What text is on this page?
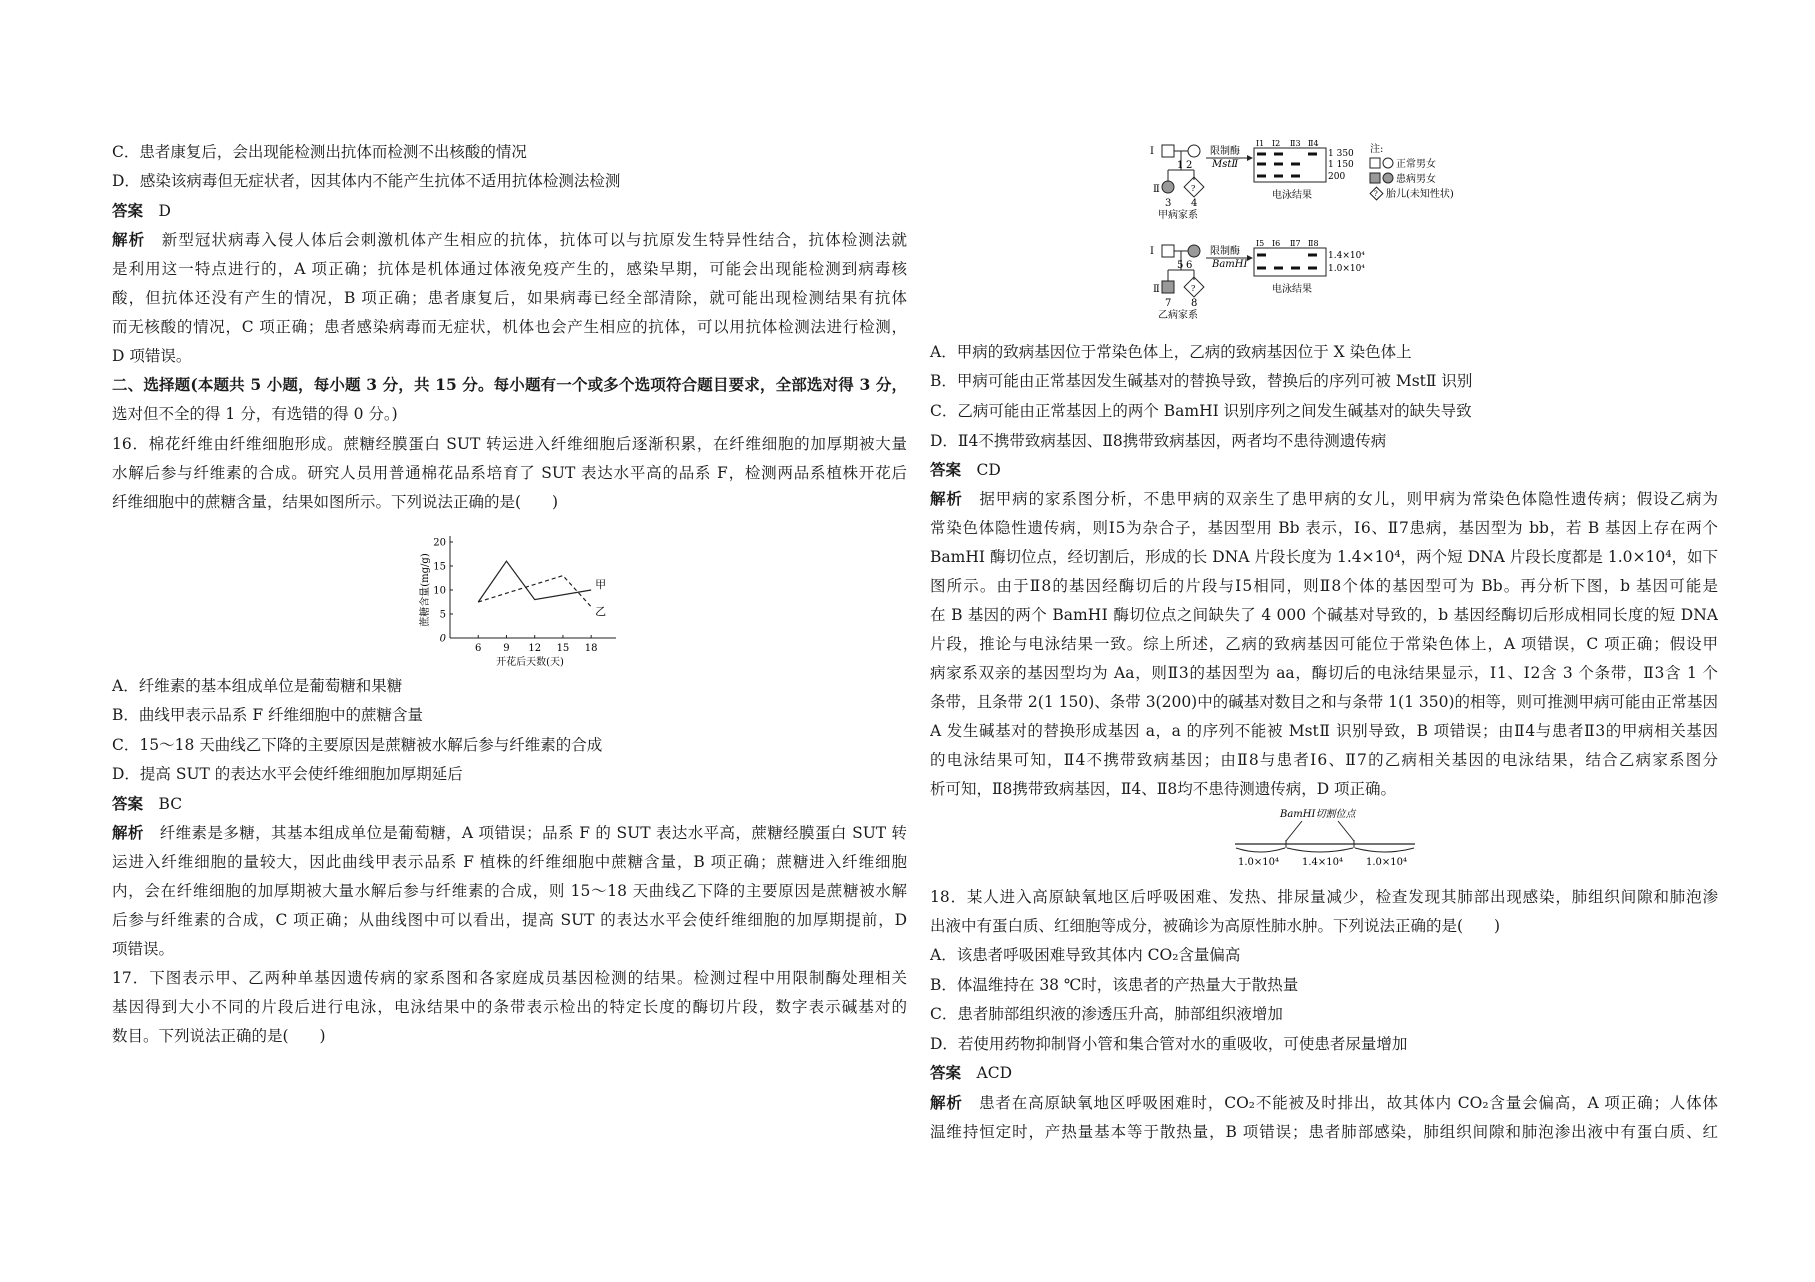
C．患者康复后，会出现能检测出抗体而检测不出核酸的情况
D．感染该病毒但无症状者，因其体内不能产生抗体不适用抗体检测法检测
答案　 D
解析　 新型冠状病毒入侵人体后会刺激机体产生相应的抗体，抗体可以与抗原发生特异性结合，抗体检测法就
是利用这一特点进行的，A 项正确；抗体是机体通过体液免疫产生的，感染早期，可能会出现能检测到病毒核
酸，但抗体还没有产生的情况，B 项正确；患者康复后，如果病毒已经全部清除，就可能出现检测结果有抗体
而无核酸的情况，C 项正确；患者感染病毒而无症状，机体也会产生相应的抗体，可以用抗体检测法进行检测，
D 项错误。
二、选择题(本题共 5 小题，每小题 3 分，共 15 分。每小题有一个或多个选项符合题目要求，全部选对得 3 分，
选对但不全的得 1 分，有选错的得 0 分。)
16．棉花纤维由纤维细胞形成。蔗糖经膜蛋白 SUT 转运进入纤维细胞后逐渐积累，在纤维细胞的加厚期被大量
水解后参与纤维素的合成。研究人员用普通棉花品系培育了 SUT 表达水平高的品系 F，检测两品系植株开花后
纤维细胞中的蔗糖含量，结果如图所示。下列说法正确的是(　　)
0
5
10
15
20
6 9 12 15 18
开花后天数(天)
蔗糖含量(mg/g)	甲
乙
A．纤维素的基本组成单位是葡萄糖和果糖
B．曲线甲表示品系 F 纤维细胞中的蔗糖含量
C．15～18 天曲线乙下降的主要原因是蔗糖被水解后参与纤维素的合成
D．提高 SUT 的表达水平会使纤维细胞加厚期延后
答案　 BC
解析　 纤维素是多糖，其基本组成单位是葡萄糖，A 项错误；品系 F 的 SUT 表达水平高，蔗糖经膜蛋白 SUT 转
运进入纤维细胞的量较大，因此曲线甲表示品系 F 植株的纤维细胞中蔗糖含量，B 项正确；蔗糖进入纤维细胞
内，会在纤维细胞的加厚期被大量水解后参与纤维素的合成，则 15～18 天曲线乙下降的主要原因是蔗糖被水解
后参与纤维素的合成，C 项正确；从曲线图中可以看出，提高 SUT 的表达水平会使纤维细胞的加厚期提前，D
项错误。
17．下图表示甲、乙两种单基因遗传病的家系图和各家庭成员基因检测的结果。检测过程中用限制酶处理相关
基因得到大小不同的片段后进行电泳，电泳结果中的条带表示检出的特定长度的酶切片段，数字表示碱基对的
数目。下列说法正确的是(　　)
Ⅰ
Ⅱ
1 2
?
3 4
甲病家系
限制酶
MstⅡ
Ⅰ1 Ⅰ2 Ⅱ3 Ⅱ4
1 350
1 150
200
电泳结果
注:
正常男女
患病男女
? 胎儿(未知性状)
Ⅰ
Ⅱ
5 6
?
7 8
乙病家系
限制酶
BamHⅠ
Ⅰ5 Ⅰ6 Ⅱ7 Ⅱ8
1.4×10⁴
1.0×10⁴
电泳结果
A．甲病的致病基因位于常染色体上，乙病的致病基因位于 X 染色体上
B．甲病可能由正常基因发生碱基对的替换导致，替换后的序列可被 MstⅡ 识别
C．乙病可能由正常基因上的两个 BamHⅠ 识别序列之间发生碱基对的缺失导致
D．Ⅱ4不携带致病基因、Ⅱ8携带致病基因，两者均不患待测遗传病
答案　 CD
解析　 据甲病的家系图分析，不患甲病的双亲生了患甲病的女儿，则甲病为常染色体隐性遗传病；假设乙病为
常染色体隐性遗传病，则Ⅰ5为杂合子，基因型用 Bb 表示，Ⅰ6、Ⅱ7患病，基因型为 bb，若 B 基因上存在两个
BamHⅠ 酶切位点，经切割后，形成的长 DNA 片段长度为 1.4×10⁴，两个短 DNA 片段长度都是 1.0×10⁴，如下
图所示。由于Ⅱ8的基因经酶切后的片段与Ⅰ5相同，则Ⅱ8个体的基因型可为 Bb。再分析下图，b 基因可能是
在 B 基因的两个 BamHⅠ 酶切位点之间缺失了 4 000 个碱基对导致的，b 基因经酶切后形成相同长度的短 DNA
片段，推论与电泳结果一致。综上所述，乙病的致病基因可能位于常染色体上，A 项错误，C 项正确；假设甲
病家系双亲的基因型均为 Aa，则Ⅱ3的基因型为 aa，酶切后的电泳结果显示，Ⅰ1、Ⅰ2含 3 个条带，Ⅱ3含 1 个
条带，且条带 2(1 150)、条带 3(200)中的碱基对数目之和与条带 1(1 350)的相等，则可推测甲病可能由正常基因
A 发生碱基对的替换形成基因 a，a 的序列不能被 MstⅡ 识别导致，B 项错误；由Ⅱ4与患者Ⅱ3的甲病相关基因
的电泳结果可知，Ⅱ4不携带致病基因；由Ⅱ8与患者Ⅰ6、Ⅱ7的乙病相关基因的电泳结果，结合乙病家系图分
析可知，Ⅱ8携带致病基因，Ⅱ4、Ⅱ8均不患待测遗传病，D 项正确。
BamHⅠ切割位点
1.0×10⁴ 1.4×10⁴ 1.0×10⁴
18．某人进入高原缺氧地区后呼吸困难、发热、排尿量减少，检查发现其肺部出现感染，肺组织间隙和肺泡渗
出液中有蛋白质、红细胞等成分，被确诊为高原性肺水肿。下列说法正确的是(　　)
A．该患者呼吸困难导致其体内 CO₂含量偏高
B．体温维持在 38 ℃时，该患者的产热量大于散热量
C．患者肺部组织液的渗透压升高，肺部组织液增加
D．若使用药物抑制肾小管和集合管对水的重吸收，可使患者尿量增加
答案　 ACD
解析　 患者在高原缺氧地区呼吸困难时，CO₂不能被及时排出，故其体内 CO₂含量会偏高，A 项正确；人体体
温维持恒定时，产热量基本等于散热量，B 项错误；患者肺部感染，肺组织间隙和肺泡渗出液中有蛋白质、红
